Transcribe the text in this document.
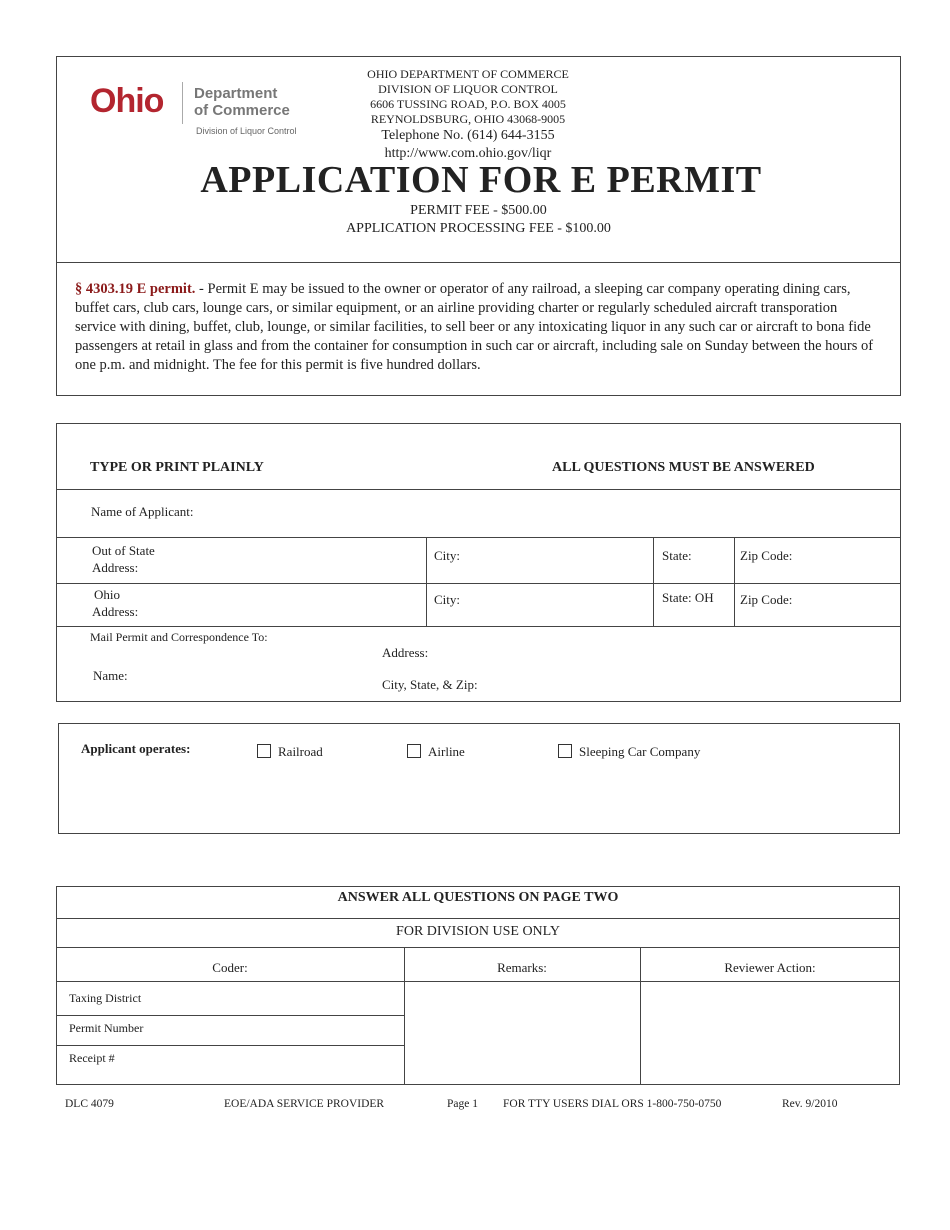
Ohio Department
of Commerce
Division of Liquor Control
OHIO DEPARTMENT OF COMMERCE
DIVISION OF LIQUOR CONTROL
6606 TUSSING ROAD, P.O. BOX 4005
REYNOLDSBURG, OHIO 43068-9005
Telephone No. (614) 644-3155
http://www.com.ohio.gov/liqr
APPLICATION FOR E PERMIT
PERMIT FEE - $500.00
APPLICATION PROCESSING FEE - $100.00
§ 4303.19 E permit. - Permit E may be issued to the owner or operator of any railroad, a sleeping car company operating dining cars, buffet cars, club cars, lounge cars, or similar equipment, or an airline providing charter or regularly scheduled aircraft transporation service with dining, buffet, club, lounge, or similar facilities, to sell beer or any intoxicating liquor in any such car or aircraft to bona fide passengers at retail in glass and from the container for consumption in such car or aircraft, including sale on Sunday between the hours of one p.m. and midnight. The fee for this permit is five hundred dollars.
TYPE OR PRINT PLAINLY	ALL QUESTIONS MUST BE ANSWERED
Name of Applicant:
Out of State
Address:
City:	State:	Zip Code:
Ohio
Address:
City:	State: OH Zip Code:
Mail Permit and Correspondence To:
Address:
Name:
City, State, & Zip:
Applicant operates:	Railroad	Airline	Sleeping Car Company
ANSWER ALL QUESTIONS ON PAGE TWO
FOR DIVISION USE ONLY
Coder:	Remarks:	Reviewer Action:
Taxing District
Permit Number
Receipt #
DLC 4079	EOE/ADA SERVICE PROVIDER	Page 1 FOR TTY USERS DIAL ORS 1-800-750-0750	Rev. 9/2010
